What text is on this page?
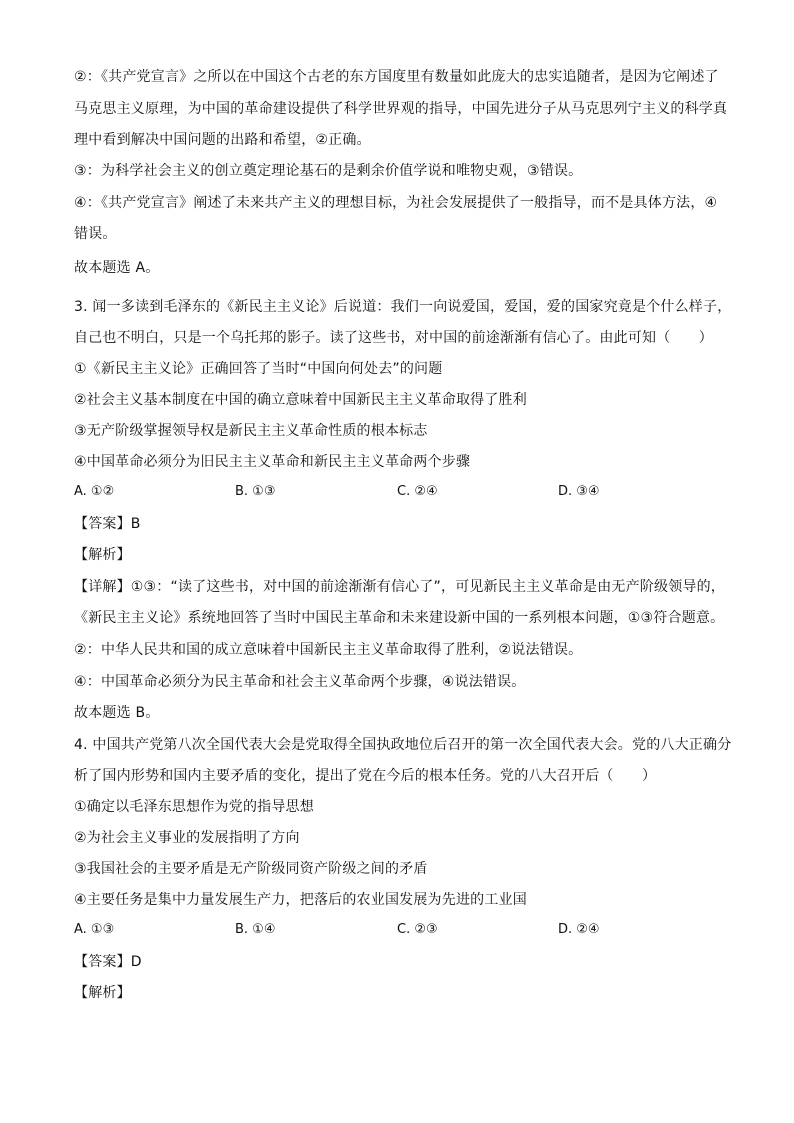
②：《共产党宣言》之所以在中国这个古老的东方国度里有数量如此庞大的忠实追随者，是因为它阐述了
马克思主义原理，为中国的革命建设提供了科学世界观的指导，中国先进分子从马克思列宁主义的科学真
理中看到解决中国问题的出路和希望，②正确。
③：为科学社会主义的创立奠定理论基石的是剩余价值学说和唯物史观，③错误。
④：《共产党宣言》阐述了未来共产主义的理想目标，为社会发展提供了一般指导，而不是具体方法，④
错误。
故本题选 A。
3. 闻一多读到毛泽东的《新民主主义论》后说道：我们一向说爱国，爱国，爱的国家究竟是个什么样子，
自己也不明白，只是一个乌托邦的影子。读了这些书，对中国的前途渐渐有信心了。由此可知（　　）
①《新民主主义论》正确回答了当时“中国向何处去”的问题
②社会主义基本制度在中国的确立意味着中国新民主主义革命取得了胜利
③无产阶级掌握领导权是新民主主义革命性质的根本标志
④中国革命必须分为旧民主主义革命和新民主主义革命两个步骤
A. ①②	B. ①③	C. ②④	D. ③④
【答案】B
【解析】
【详解】①③：“读了这些书，对中国的前途渐渐有信心了”，可见新民主主义革命是由无产阶级领导的，
《新民主主义论》系统地回答了当时中国民主革命和未来建设新中国的一系列根本问题，①③符合题意。
②：中华人民共和国的成立意味着中国新民主主义革命取得了胜利，②说法错误。
④：中国革命必须分为民主革命和社会主义革命两个步骤，④说法错误。
故本题选 B。
4. 中国共产党第八次全国代表大会是党取得全国执政地位后召开的第一次全国代表大会。党的八大正确分
析了国内形势和国内主要矛盾的变化，提出了党在今后的根本任务。党的八大召开后（　　）
①确定以毛泽东思想作为党的指导思想
②为社会主义事业的发展指明了方向
③我国社会的主要矛盾是无产阶级同资产阶级之间的矛盾
④主要任务是集中力量发展生产力，把落后的农业国发展为先进的工业国
A. ①③	B. ①④	C. ②③	D. ②④
【答案】D
【解析】
